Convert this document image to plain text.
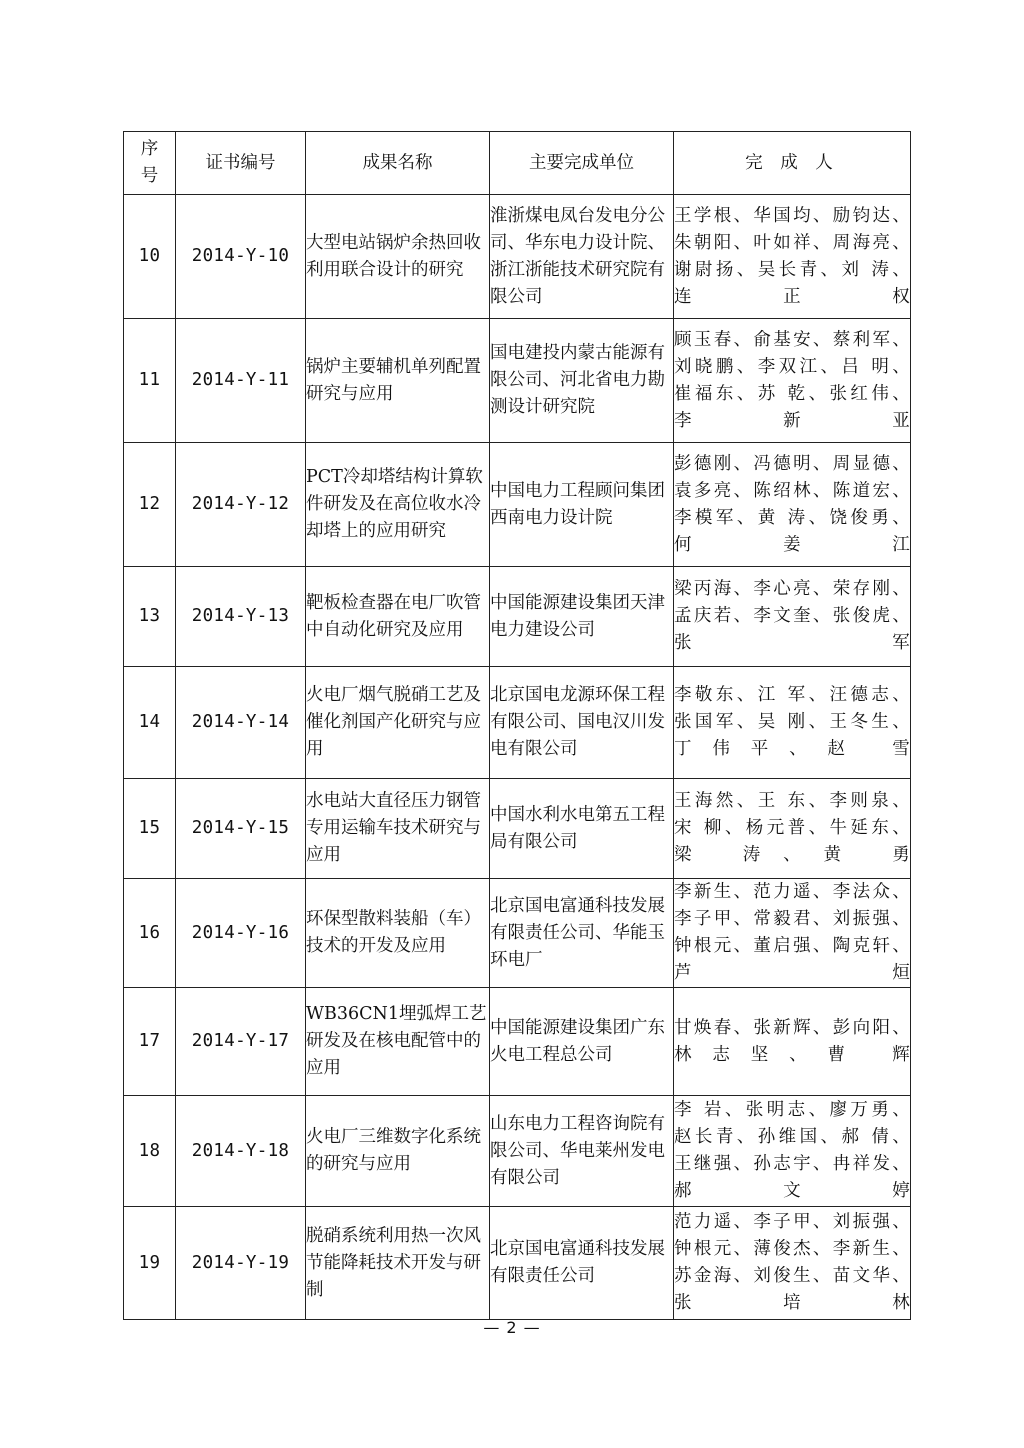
序号	证书编号	成果名称	主要完成单位	完 成 人
10	2014-Y-10	大型电站锅炉余热回收利用联合设计的研究	淮浙煤电凤台发电分公司、华东电力设计院、浙江浙能技术研究院有限公司	王学根、华国均、励钧达、
朱朝阳、叶如祥、周海亮、
谢尉扬、吴长青、刘 涛、
连正权

11	2014-Y-11	锅炉主要辅机单列配置研究与应用	国电建投内蒙古能源有限公司、河北省电力勘测设计研究院	顾玉春、俞基安、蔡利军、
刘晓鹏、李双江、吕 明、
崔福东、苏 乾、张红伟、
李新亚

12	2014-Y-12	PCT冷却塔结构计算软件研发及在高位收水冷却塔上的应用研究	中国电力工程顾问集团西南电力设计院	彭德刚、冯德明、周显德、
袁多亮、陈绍林、陈道宏、
李模军、黄 涛、饶俊勇、
何姜江

13	2014-Y-13	靶板检查器在电厂吹管中自动化研究及应用	中国能源建设集团天津电力建设公司	梁丙海、李心亮、荣存刚、
孟庆若、李文奎、张俊虎、
张 军

14	2014-Y-14	火电厂烟气脱硝工艺及催化剂国产化研究与应用	北京国电龙源环保工程有限公司、国电汉川发电有限公司	李敬东、江 军、汪德志、
张国军、吴 刚、王冬生、
丁伟平、赵 雪

15	2014-Y-15	水电站大直径压力钢管专用运输车技术研究与应用	中国水利水电第五工程局有限公司	王海然、王 东、李则泉、
宋 柳、杨元普、牛延东、
梁 涛、黄 勇

16	2014-Y-16	环保型散料装船（车）技术的开发及应用	北京国电富通科技发展有限责任公司、华能玉环电厂	李新生、范力遥、李法众、
李子甲、常毅君、刘振强、
钟根元、董启强、陶克轩、
芦 烜

17	2014-Y-17	WB36CN1埋弧焊工艺研发及在核电配管中的应用	中国能源建设集团广东火电工程总公司	甘焕春、张新辉、彭向阳、
林志坚、曹 辉

18	2014-Y-18	火电厂三维数字化系统的研究与应用	山东电力工程咨询院有限公司、华电莱州发电有限公司	李 岩、张明志、廖万勇、
赵长青、孙维国、郝 倩、
王继强、孙志宇、冉祥发、
郝文婷

19	2014-Y-19	脱硝系统利用热一次风节能降耗技术开发与研制	北京国电富通科技发展有限责任公司	范力遥、李子甲、刘振强、
钟根元、薄俊杰、李新生、
苏金海、刘俊生、苗文华、
张培林
— 2 —
